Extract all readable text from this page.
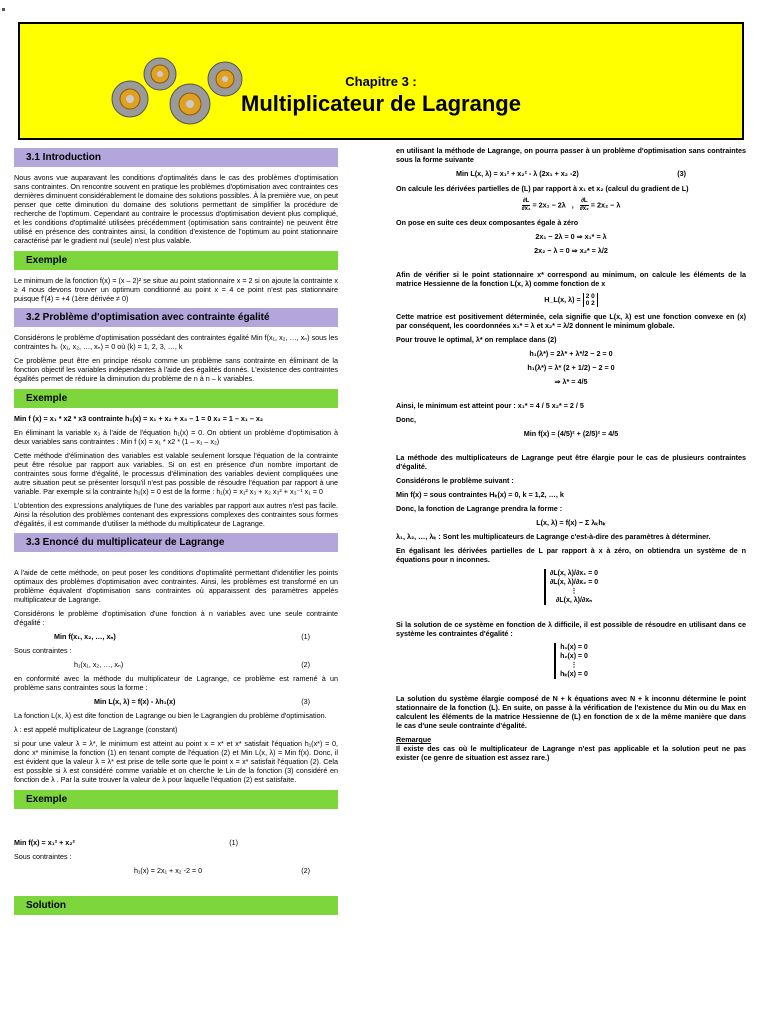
Chapitre 3 :
Multiplicateur de Lagrange
3.1 Introduction

Nous avons vue auparavant les conditions d'optimalités dans le cas des problèmes d'optimisation sans contraintes. On rencontre souvent en pratique les problèmes d'optimisation avec contraintes ces dernières diminuent considérablement le domaine des solutions possibles. À la première vue, on peut penser que cette diminution du domaine des solutions permettant de simplifier la procédure de recherche de l'optimum. Cependant au contraire le processus d'optimisation devient plus compliqué, et les conditions d'optimalité utilisées précédemment (optimisation sans contrainte) ne peuvent être utilisé en présence des contraintes ainsi, la condition d'existence de l'optimum au point stationnaire caractérisé par le gradient nul (seule) n'est plus valable.

Exemple

Le minimum de la fonction f(x) = (x – 2)² se situe au point stationnaire x = 2 si on ajoute la contrainte x ≥ 4 nous devons trouver un optimum conditionné au point x = 4 ce point n'est pas stationnaire puisque f'(4) = +4 (1ère dérivée ≠ 0)

3.2 Problème d'optimisation avec contrainte égalité

Considérons le problème d'optimisation possédant des contraintes égalité Min f(x₁, x₂, …, xₙ) sous les contraintes hₖ (x₁, x₂, …, xₙ) = 0 où (k) = 1, 2, 3, …, k

Ce problème peut être en principe résolu comme un problème sans contrainte en éliminant de la fonction objectif les variables indépendantes à l'aide des égalités donnés. L'existence des contraintes égalités permet de réduire la diminution du problème de n à n – k variables.

Exemple

Min f (x) = x₁ * x2 * x3 contrainte h₁(x) = x₁ + x₂ + x₃ – 1 = 0 x₃ = 1 – x₁ – x₂

En éliminant la variable x₃ à l'aide de l'équation h₁(x) = 0. On obtient un problème d'optimisation à deux variables sans contraintes : Min f (x) = x₁ * x2 * (1 – x₁ – x₂)

Cette méthode d'élimination des variables est valable seulement lorsque l'équation de la contrainte peut être résolue par rapport aux variables. Si on est en présence d'un nombre important de contraintes sous forme d'égalité, le processus d'élimination des variables devient compliquées une autre situation peut se présenter lorsqu'il n'est pas possible de résoudre l'équation par rapport à une variable. Par exemple si la contrainte h₁(x) = 0 est de la forme : h₁(x) = x₁² x₃ + x₂ x₃² + x₃⁻¹ x₁ = 0

L'obtention des expressions analytiques de l'une des variables par rapport aux autres n'est pas facile. Ainsi la résolution des problèmes contenant des expressions complexes des contraintes sous formes d'égalités, il est commande d'utiliser la méthode du multiplicateur de Lagrange.

3.3 Enoncé du multiplicateur de Lagrange

A l'aide de cette méthode, on peut poser les conditions d'optimalité permettant d'identifier les points optimaux des problèmes d'optimisation avec contraintes. Ainsi, les problèmes est transformé en un problème équivalent d'optimisation sans contraintes où apparaissent des paramètres appelés multiplicateur de Lagrange.

Considérons le problème d'optimisation d'une fonction à n variables avec une seule contrainte d'égalité :

Min f(x₁, x₂, …, xₙ)	(1)

Sous contraintes :

h₁(x₁, x₂, …, xₙ)	(2)

en conformité avec la méthode du multiplicateur de Lagrange, ce problème est ramené à un problème sans contraintes sous la forme :

Min L(x, λ) = f(x) - λh₁(x)	(3)

La fonction L(x, λ) est dite fonction de Lagrange ou bien le Lagrangien du problème d'optimisation.

λ : est appelé multiplicateur de Lagrange (constant)

si pour une valeur λ = λ*, le minimum est atteint au point x = x* et x* satisfait l'équation h₁(x*) = 0, donc x* minimise la fonction (1) en tenant compte de l'équation (2) et Min L(x, λ) = Min f(x). Donc, il est évident que la valeur λ = λ* est prise de telle sorte que le point x = x* satisfait l'équation (2). Cela est possible si λ est considéré comme variable et on cherche le Lin de la fonction (3) considéré en fonction de λ . Par la suite trouver la valeur de λ pour laquelle l'équation (2) est satisfaite.

Exemple
Min f(x) = x₁² + x₂²	(1)

Sous contraintes :

h₁(x) = 2x₁ + x₂ -2 = 0	(2)
Solution

en utilisant la méthode de Lagrange, on pourra passer à un problème d'optimisation sans contraintes sous la forme suivante

Min L(x, λ) = x₁² + x₂² - λ (2x₁ + x₂ -2)	(3)

On calcule les dérivées partielles de (L) par rapport à x₁ et x₂ (calcul du gradient de L)

$\frac{\partial L}{\text{∂x₁}} = 2x_1 - 2\lambda$   , $\frac{\partial L}{\text{∂x₂}} = 2x_2 - \lambda$

On pose en suite ces deux composantes égale à zéro

2x₁ − 2λ = 0 ⇒ x₁* = λ
2x₂ − λ = 0 ⇒ x₂* = λ/2

Afin de vérifier si le point stationnaire x* correspond au minimum, on calcule les éléments de la matrice Hessienne de la fonction L(x, λ) comme fonction de x

H_L(x, λ) = 2 0
0 2

Cette matrice est positivement déterminée, cela signifie que L(x, λ) est une fonction convexe en (x) par conséquent, les coordonnées x₁* = λ et x₂* = λ/2 donnent le minimum globale.

Pour trouve le optimal, λ* on remplace dans (2)

h₁(λ*) = 2λ* + λ*/2 − 2 = 0
h₁(λ*) = λ* (2 + 1/2) − 2 = 0
⇒ λ* = 4/5

Ainsi, le minimum est atteint pour : x₁* = 4 / 5 x₂* = 2 / 5

Donc,

Min f(x) = (4/5)² + (2/5)² = 4/5

La méthode des multiplicateurs de Lagrange peut être élargie pour le cas de plusieurs contraintes d'égalité.

Considérons le problème suivant :

Min f(x) = sous contraintes Hₖ(x) = 0, k = 1,2, …, k

Donc, la fonction de Lagrange prendra la forme :

L(x, λ) = f(x) − Σ λₖhₖ

λ₁, λ₂, …, λₖ : Sont les multiplicateurs de Lagrange c'est-à-dire des paramètres à déterminer.

En égalisant les dérivées partielles de L par rapport à x à zéro, on obtiendra un système de n équations pour n inconnes.

∂L(x, λ)/∂x₁ = 0
∂L(x, λ)/∂x₂ = 0
⋮
∂L(x, λ)/∂xₙ

Si la solution de ce système en fonction de λ difficile, il est possible de résoudre en utilisant dans ce système les contraintes d'égalité :

h₁(x) = 0
h₂(x) = 0
⋮
hₖ(x) = 0

La solution du système élargie composé de N + k équations avec N + k inconnu détermine le point stationnaire de la fonction (L). En suite, on passe à la vérification de l'existence du Min ou du Max en calculent les éléments de la matrice Hessienne de (L) en fonction de x de la même manière que dans le cas d'une seule contrainte d'égalité.

Remarque

Il existe des cas où le multiplicateur de Lagrange n'est pas applicable et la solution peut ne pas exister (ce genre de situation est assez rare.)
